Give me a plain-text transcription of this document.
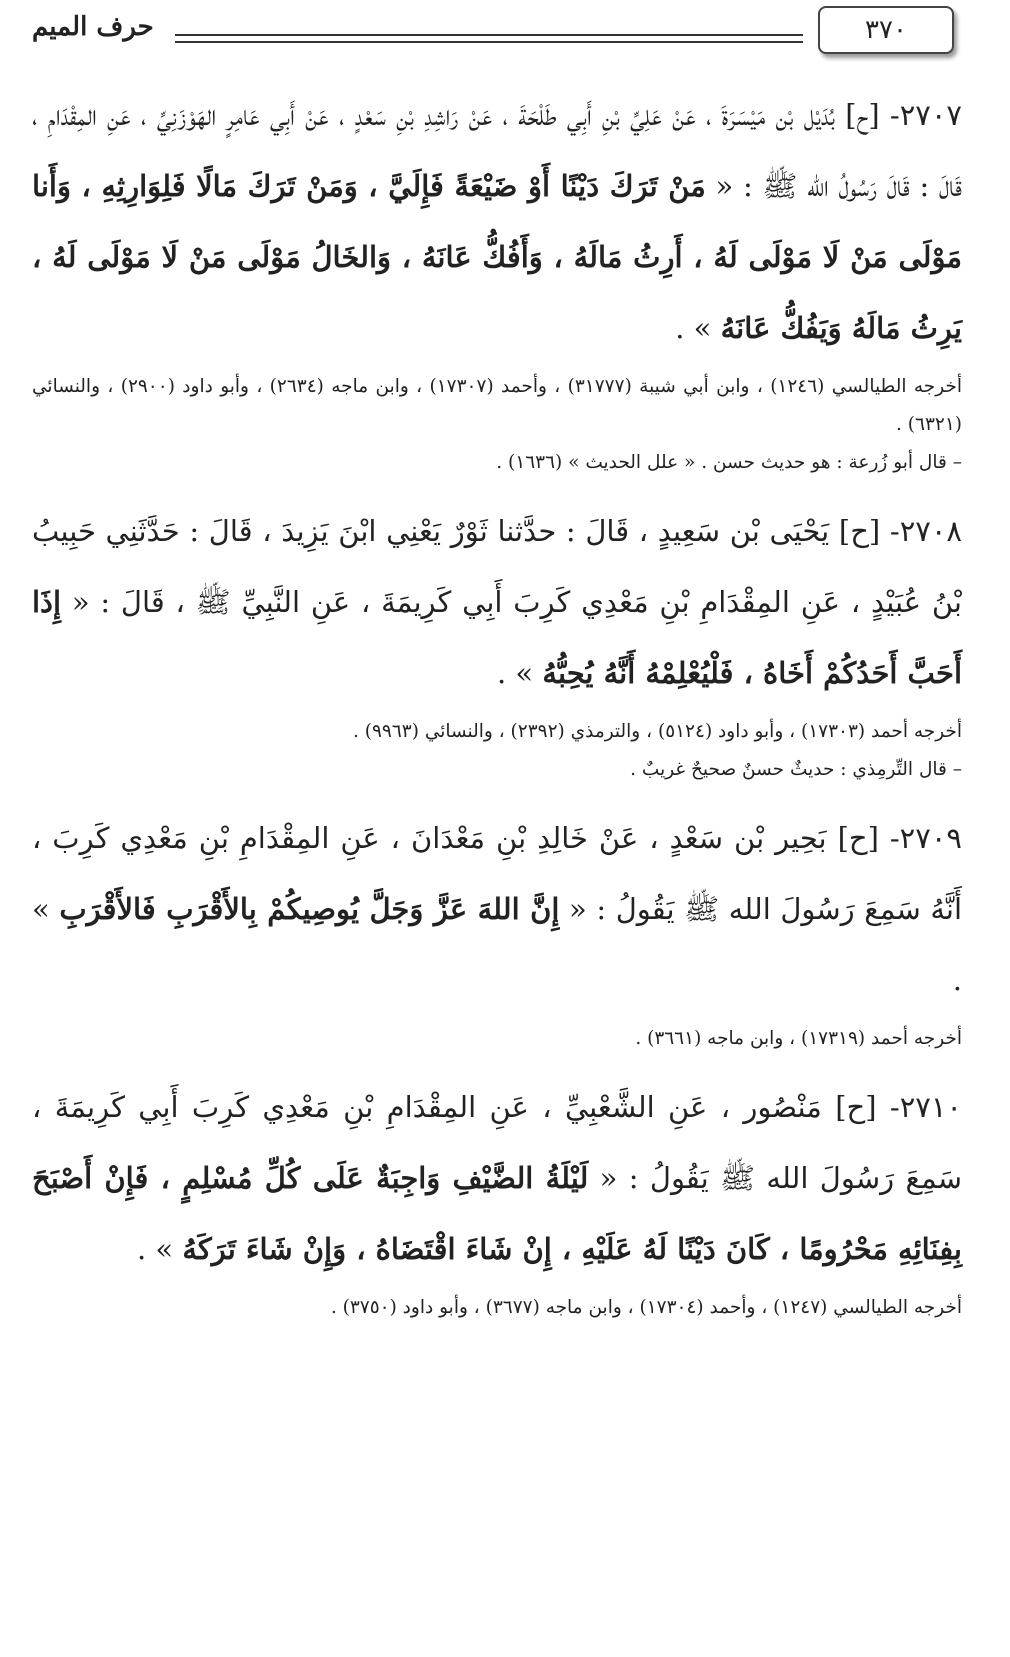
٣٧٠
حرف الميم

٢٧٠٧- [ح] بُدَيْل بْن مَيْسَرَةَ ، عَنْ عَلِيِّ بْنِ أَبِي طَلْحَةَ ، عَنْ رَاشِدِ بْنِ سَعْدٍ ، عَنْ أَبِي عَامِرٍ الهَوْزَنِيِّ ، عَنِ المِقْدَامِ ، قَالَ : قَالَ رَسُولُ الله ﷺ : « مَنْ تَرَكَ دَيْنًا أَوْ ضَيْعَةً فَإِلَيَّ ، وَمَنْ تَرَكَ مَالًا فَلِوَارِثِهِ ، وَأَنا مَوْلَى مَنْ لَا مَوْلَى لَهُ ، أَرِثُ مَالَهُ ، وَأَفُكُّ عَانَهُ ، وَالخَالُ مَوْلَى مَنْ لَا مَوْلَى لَهُ ، يَرِثُ مَالَهُ وَيَفُكُّ عَانَهُ » .

أخرجه الطيالسي (١٢٤٦) ، وابن أبي شيبة (٣١٧٧٧) ، وأحمد (١٧٣٠٧) ، وابن ماجه (٢٦٣٤) ، وأبو داود (٢٩٠٠) ، والنسائي (٦٣٢١) .

– قال أبو زُرعة : هو حديث حسن . « علل الحديث » (١٦٣٦) .

٢٧٠٨- [ح] يَحْيَى بْن سَعِيدٍ ، قَالَ : حدَّثنا ثَوْرٌ يَعْنِي ابْنَ يَزِيدَ ، قَالَ : حَدَّثَنِي حَبِيبُ بْنُ عُبَيْدٍ ، عَنِ المِقْدَامِ بْنِ مَعْدِي كَرِبَ أَبِي كَرِيمَةَ ، عَنِ النَّبِيِّ ﷺ ، قَالَ : « إِذَا أَحَبَّ أَحَدُكُمْ أَخَاهُ ، فَلْيُعْلِمْهُ أَنَّهُ يُحِبُّهُ » .

أخرجه أحمد (١٧٣٠٣) ، وأبو داود (٥١٢٤) ، والترمذي (٢٣٩٢) ، والنسائي (٩٩٦٣) .

– قال التِّرمِذي : حديثٌ حسنٌ صحيحٌ غريبٌ .

٢٧٠٩- [ح] بَحِير بْن سَعْدٍ ، عَنْ خَالِدِ بْنِ مَعْدَانَ ، عَنِ المِقْدَامِ بْنِ مَعْدِي كَرِبَ ، أَنَّهُ سَمِعَ رَسُولَ الله ﷺ يَقُولُ : « إِنَّ اللهَ عَزَّ وَجَلَّ يُوصِيكُمْ بِالأَقْرَبِ فَالأَقْرَبِ » .

أخرجه أحمد (١٧٣١٩) ، وابن ماجه (٣٦٦١) .

٢٧١٠- [ح] مَنْصُور ، عَنِ الشَّعْبِيِّ ، عَنِ المِقْدَامِ بْنِ مَعْدِي كَرِبَ أَبِي كَرِيمَةَ ، سَمِعَ رَسُولَ الله ﷺ يَقُولُ : « لَيْلَةُ الضَّيْفِ وَاجِبَةٌ عَلَى كُلِّ مُسْلِمٍ ، فَإِنْ أَصْبَحَ بِفِنَائِهِ مَحْرُومًا ، كَانَ دَيْنًا لَهُ عَلَيْهِ ، إِنْ شَاءَ اقْتَضَاهُ ، وَإِنْ شَاءَ تَرَكَهُ » .

أخرجه الطيالسي (١٢٤٧) ، وأحمد (١٧٣٠٤) ، وابن ماجه (٣٦٧٧) ، وأبو داود (٣٧٥٠) .
